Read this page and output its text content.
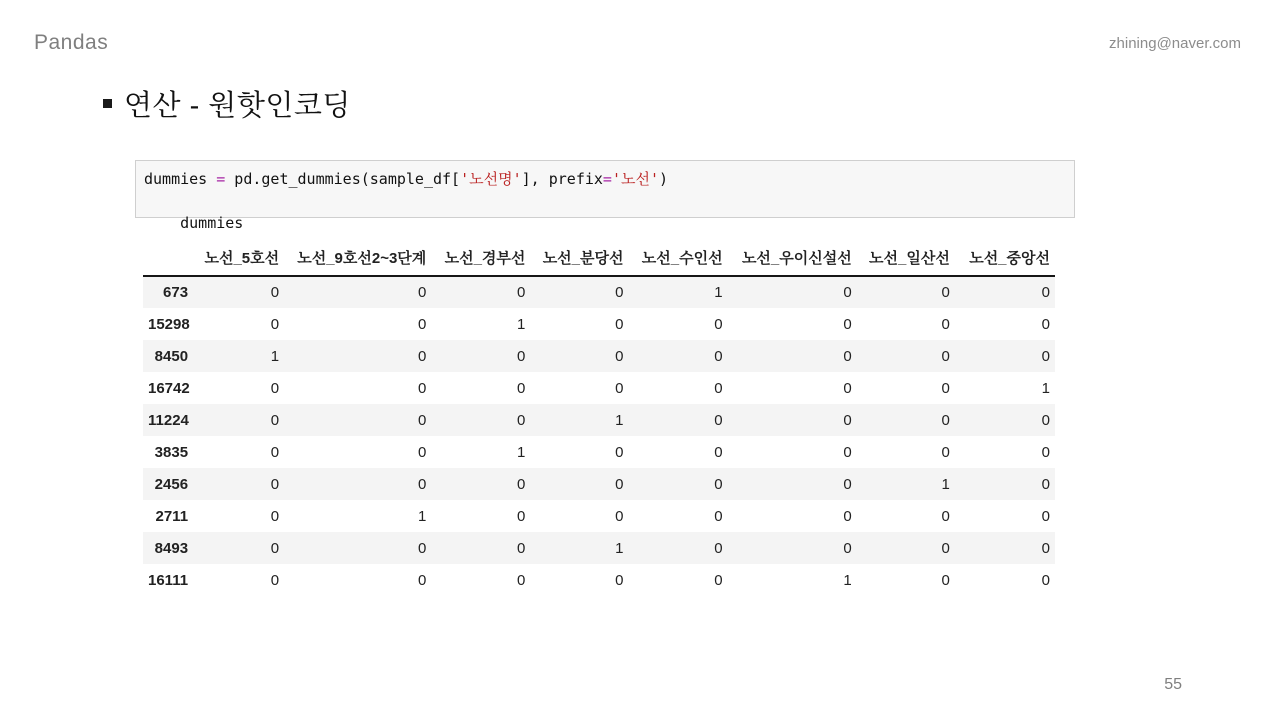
Pandas	zhining@naver.com
연산 - 원핫인코딩
dummies = pd.get_dummies(sample_df['노선명'], prefix='노선')

dummies

	노선_5호선	노선_9호선2~3단계	노선_경부선	노선_분당선	노선_수인선	노선_우이신설선	노선_일산선	노선_중앙선
673	0	0	0	0	1	0	0	0
15298	0	0	1	0	0	0	0	0
8450	1	0	0	0	0	0	0	0
16742	0	0	0	0	0	0	0	1
11224	0	0	0	1	0	0	0	0
3835	0	0	1	0	0	0	0	0
2456	0	0	0	0	0	0	1	0
2711	0	1	0	0	0	0	0	0
8493	0	0	0	1	0	0	0	0
16111	0	0	0	0	0	1	0	0
55
